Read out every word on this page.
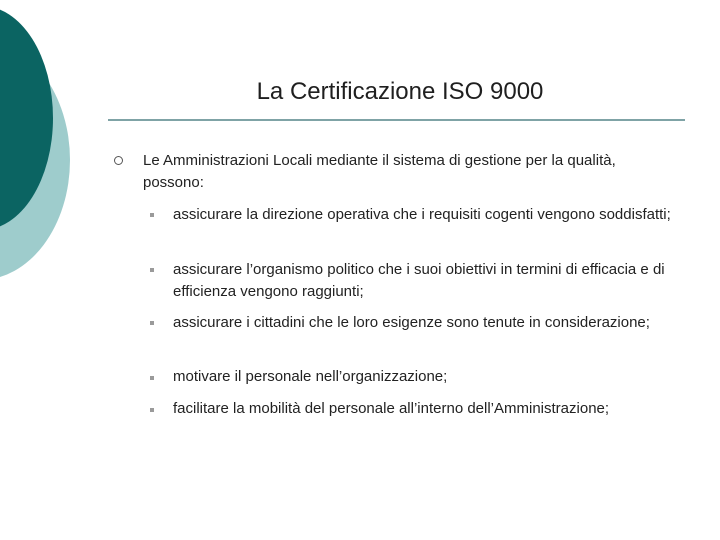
La Certificazione ISO 9000
Le Amministrazioni Locali mediante il sistema di gestione per la qualità, possono:
assicurare la direzione operativa che i requisiti cogenti vengono soddisfatti;
assicurare l’organismo politico che i suoi obiettivi in termini di efficacia e di efficienza vengono raggiunti;
assicurare i cittadini che le loro esigenze sono tenute in considerazione;
motivare il personale nell’organizzazione;
facilitare la mobilità del personale all’interno dell’Amministrazione;
